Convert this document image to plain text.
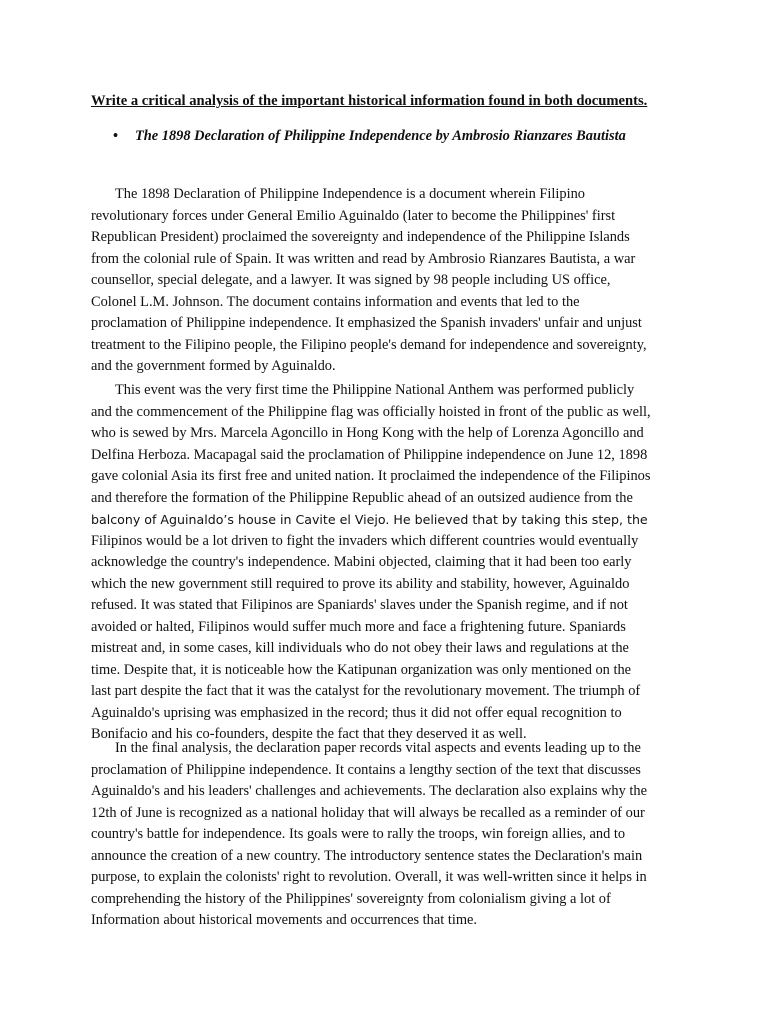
Write a critical analysis of the important historical information found in both documents.
• The 1898 Declaration of Philippine Independence by Ambrosio Rianzares Bautista
The 1898 Declaration of Philippine Independence is a document wherein Filipino
revolutionary forces under General Emilio Aguinaldo (later to become the Philippines' first
Republican President) proclaimed the sovereignty and independence of the Philippine Islands
from the colonial rule of Spain. It was written and read by Ambrosio Rianzares Bautista, a war
counsellor, special delegate, and a lawyer. It was signed by 98 people including US office,
Colonel L.M. Johnson. The document contains information and events that led to the
proclamation of Philippine independence. It emphasized the Spanish invaders' unfair and unjust
treatment to the Filipino people, the Filipino people's demand for independence and sovereignty,
and the government formed by Aguinaldo.
This event was the very first time the Philippine National Anthem was performed publicly
and the commencement of the Philippine flag was officially hoisted in front of the public as well,
who is sewed by Mrs. Marcela Agoncillo in Hong Kong with the help of Lorenza Agoncillo and
Delfina Herboza. Macapagal said the proclamation of Philippine independence on June 12, 1898
gave colonial Asia its first free and united nation. It proclaimed the independence of the Filipinos
and therefore the formation of the Philippine Republic ahead of an outsized audience from the
balcony of Aguinaldo’s house in Cavite el Viejo. He believed that by taking this step, the
Filipinos would be a lot driven to fight the invaders which different countries would eventually
acknowledge the country's independence. Mabini objected, claiming that it had been too early
which the new government still required to prove its ability and stability, however, Aguinaldo
refused. It was stated that Filipinos are Spaniards' slaves under the Spanish regime, and if not
avoided or halted, Filipinos would suffer much more and face a frightening future. Spaniards
mistreat and, in some cases, kill individuals who do not obey their laws and regulations at the
time. Despite that, it is noticeable how the Katipunan organization was only mentioned on the
last part despite the fact that it was the catalyst for the revolutionary movement. The triumph of
Aguinaldo's uprising was emphasized in the record; thus it did not offer equal recognition to
Bonifacio and his co-founders, despite the fact that they deserved it as well.
In the final analysis, the declaration paper records vital aspects and events leading up to the
proclamation of Philippine independence. It contains a lengthy section of the text that discusses
Aguinaldo's and his leaders' challenges and achievements. The declaration also explains why the
12th of June is recognized as a national holiday that will always be recalled as a reminder of our
country's battle for independence. Its goals were to rally the troops, win foreign allies, and to
announce the creation of a new country. The introductory sentence states the Declaration's main
purpose, to explain the colonists' right to revolution. Overall, it was well-written since it helps in
comprehending the history of the Philippines' sovereignty from colonialism giving a lot of
Information about historical movements and occurrences that time.
